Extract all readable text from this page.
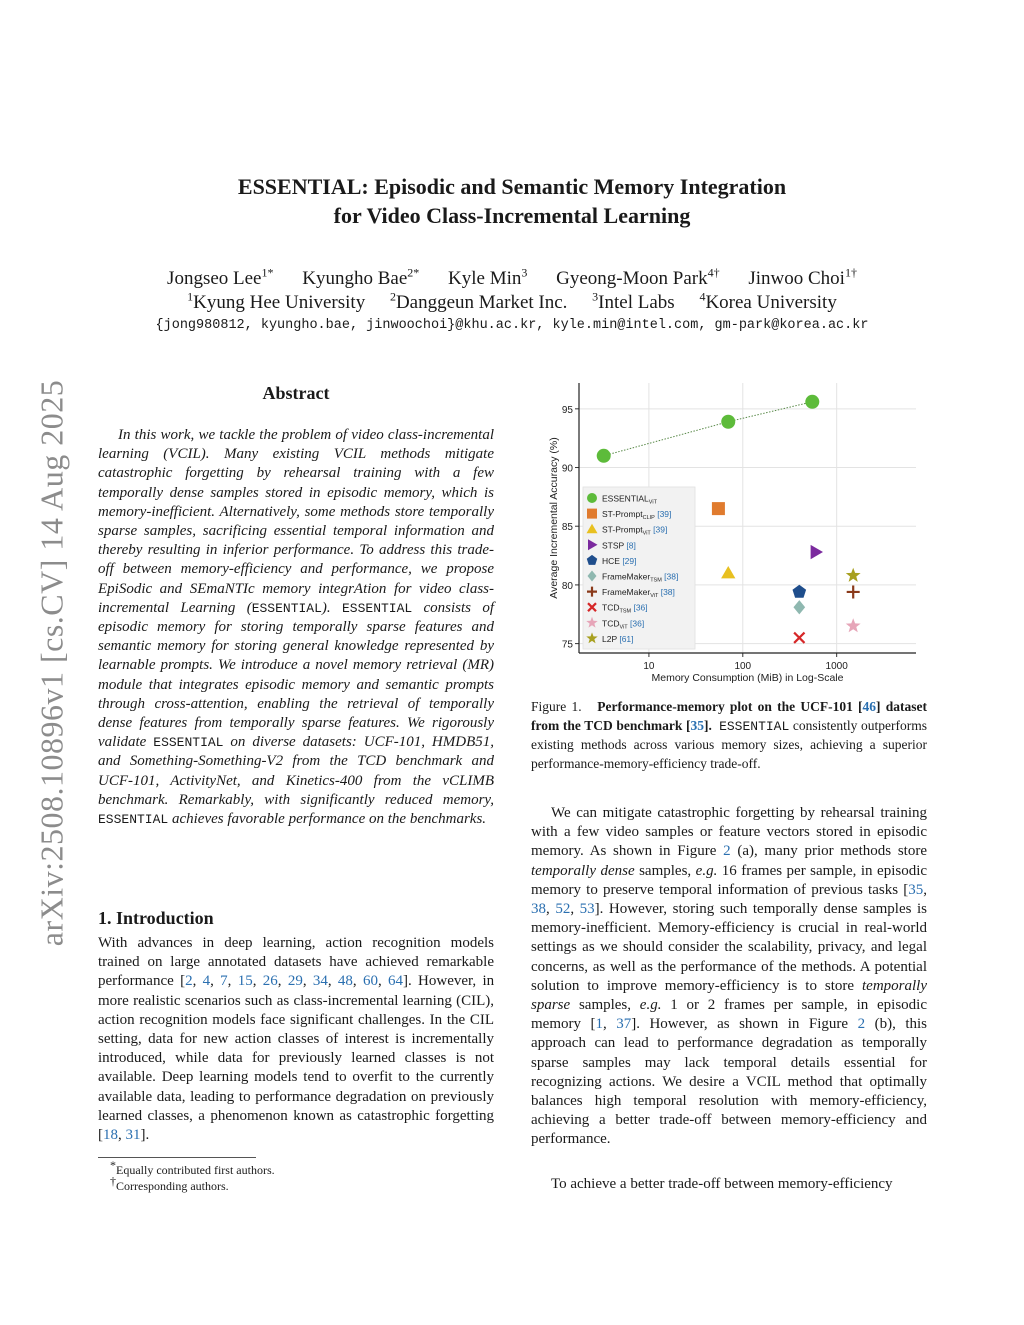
ESSENTIAL: Episodic and Semantic Memory Integration
for Video Class-Incremental Learning
Jongseo Lee$^{1*}$ Kyungho Bae$^{2*}$ Kyle Min$^3$ Gyeong-Moon Park$^{4\dagger}$ Jinwoo Choi$^{1\dagger}$
$^1$Kyung Hee University $^2$Danggeun Market Inc. $^3$Intel Labs $^4$Korea University
{jong980812, kyungho.bae, jinwoochoi}@khu.ac.kr, kyle.min@intel.com, gm-park@korea.ac.kr
arXiv:2508.10896v1 [cs.CV] 14 Aug 2025	Abstract
In this work, we tackle the problem of video class-incremental learning (VCIL). Many existing VCIL methods mitigate catastrophic forgetting by rehearsal training with a few temporally dense samples stored in episodic memory, which is memory-inefficient. Alternatively, some methods store temporally sparse samples, sacrificing essential temporal information and thereby resulting in inferior performance. To address this trade-off between memory-efficiency and performance, we propose EpiSodic and SEmaNTIc memory integrAtion for video class-incremental Learning (ESSENTIAL). ESSENTIAL consists of episodic memory for storing temporally sparse features and semantic memory for storing general knowledge represented by learnable prompts. We introduce a novel memory retrieval (MR) module that integrates episodic memory and semantic prompts through cross-attention, enabling the retrieval of temporally dense features from temporally sparse features. We rigorously validate ESSENTIAL on diverse datasets: UCF-101, HMDB51, and Something-Something-V2 from the TCD benchmark and UCF-101, ActivityNet, and Kinetics-400 from the vCLIMB benchmark. Remarkably, with significantly reduced memory, ESSENTIAL achieves favorable performance on the benchmarks.
1. Introduction
With advances in deep learning, action recognition models trained on large annotated datasets have achieved remarkable performance [2, 4, 7, 15, 26, 29, 34, 48, 60, 64]. However, in more realistic scenarios such as class-incremental learning (CIL), action recognition models face significant challenges. In the CIL setting, data for new action classes of interest is incrementally introduced, while data for previously learned classes is not available. Deep learning models tend to overfit to the currently available data, leading to performance degradation on previously learned classes, a phenomenon known as catastrophic forgetting [18, 31].
*Equally contributed first authors.
†Corresponding authors.
75
80
85
90
95
10	100	1000
Memory Consumption (MiB) in Log-Scale
Average Incremental Accuracy (%)	$ESSENTIAL_{ViT}$
ST-Prompt$_{CLIP}$ [39]
ST-Prompt$_{ViT}$ [39]
STSP [8]
HCE [29]
FrameMaker$_{TSM}$ [38]
FrameMaker$_{ViT}$ [38]
$TCD_{TSM}$ [36]
$TCD_{ViT}$ [36]
L2P [61]
Figure 1. Performance-memory plot on the UCF-101 [46] dataset from the TCD benchmark [35]. ESSENTIAL consistently outperforms existing methods across various memory sizes, achieving a superior performance-memory-efficiency trade-off.
We can mitigate catastrophic forgetting by rehearsal training with a few video samples or feature vectors stored in episodic memory. As shown in Figure 2 (a), many prior methods store temporally dense samples, e.g. 16 frames per sample, in episodic memory to preserve temporal information of previous tasks [35, 38, 52, 53]. However, storing such temporally dense samples is memory-inefficient. Memory-efficiency is crucial in real-world settings as we should consider the scalability, privacy, and legal concerns, as well as the performance of the methods. A potential solution to improve memory-efficiency is to store temporally sparse samples, e.g. 1 or 2 frames per sample, in episodic memory [1, 37]. However, as shown in Figure 2 (b), this approach can lead to performance degradation as temporally sparse samples may lack temporal details essential for recognizing actions. We desire a VCIL method that optimally balances high temporal resolution with memory-efficiency, achieving a better trade-off between memory-efficiency and performance.
To achieve a better trade-off between memory-efficiency
